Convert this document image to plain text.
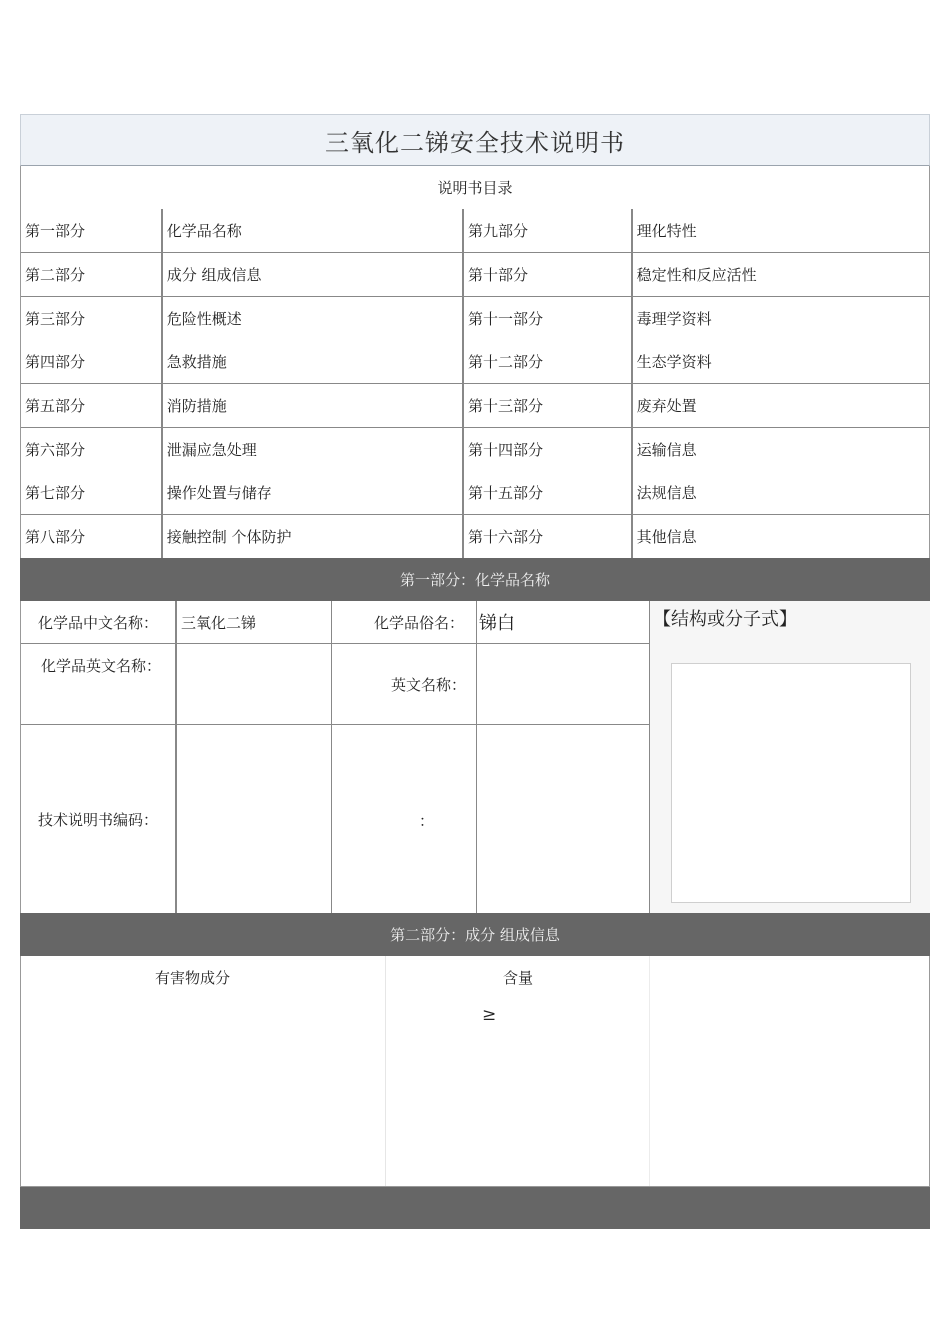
三氧化二锑安全技术说明书
说明书目录
第一部分	化学品名称	第九部分	理化特性
第二部分	成分 组成信息	第十部分	稳定性和反应活性
第三部分	危险性概述	第十一部分	毒理学资料
第四部分	急救措施	第十二部分	生态学资料
第五部分	消防措施	第十三部分	废弃处置
第六部分	泄漏应急处理	第十四部分	运输信息
第七部分	操作处置与储存	第十五部分	法规信息
第八部分	接触控制 个体防护	第十六部分	其他信息
第一部分：化学品名称
化学品中文名称：	三氧化二锑	化学品俗名： 锑白	【结构或分子式】
化学品英文名称：
英文名称：
技术说明书编码：	：
第二部分：成分 组成信息
有害物成分	含量
≥
